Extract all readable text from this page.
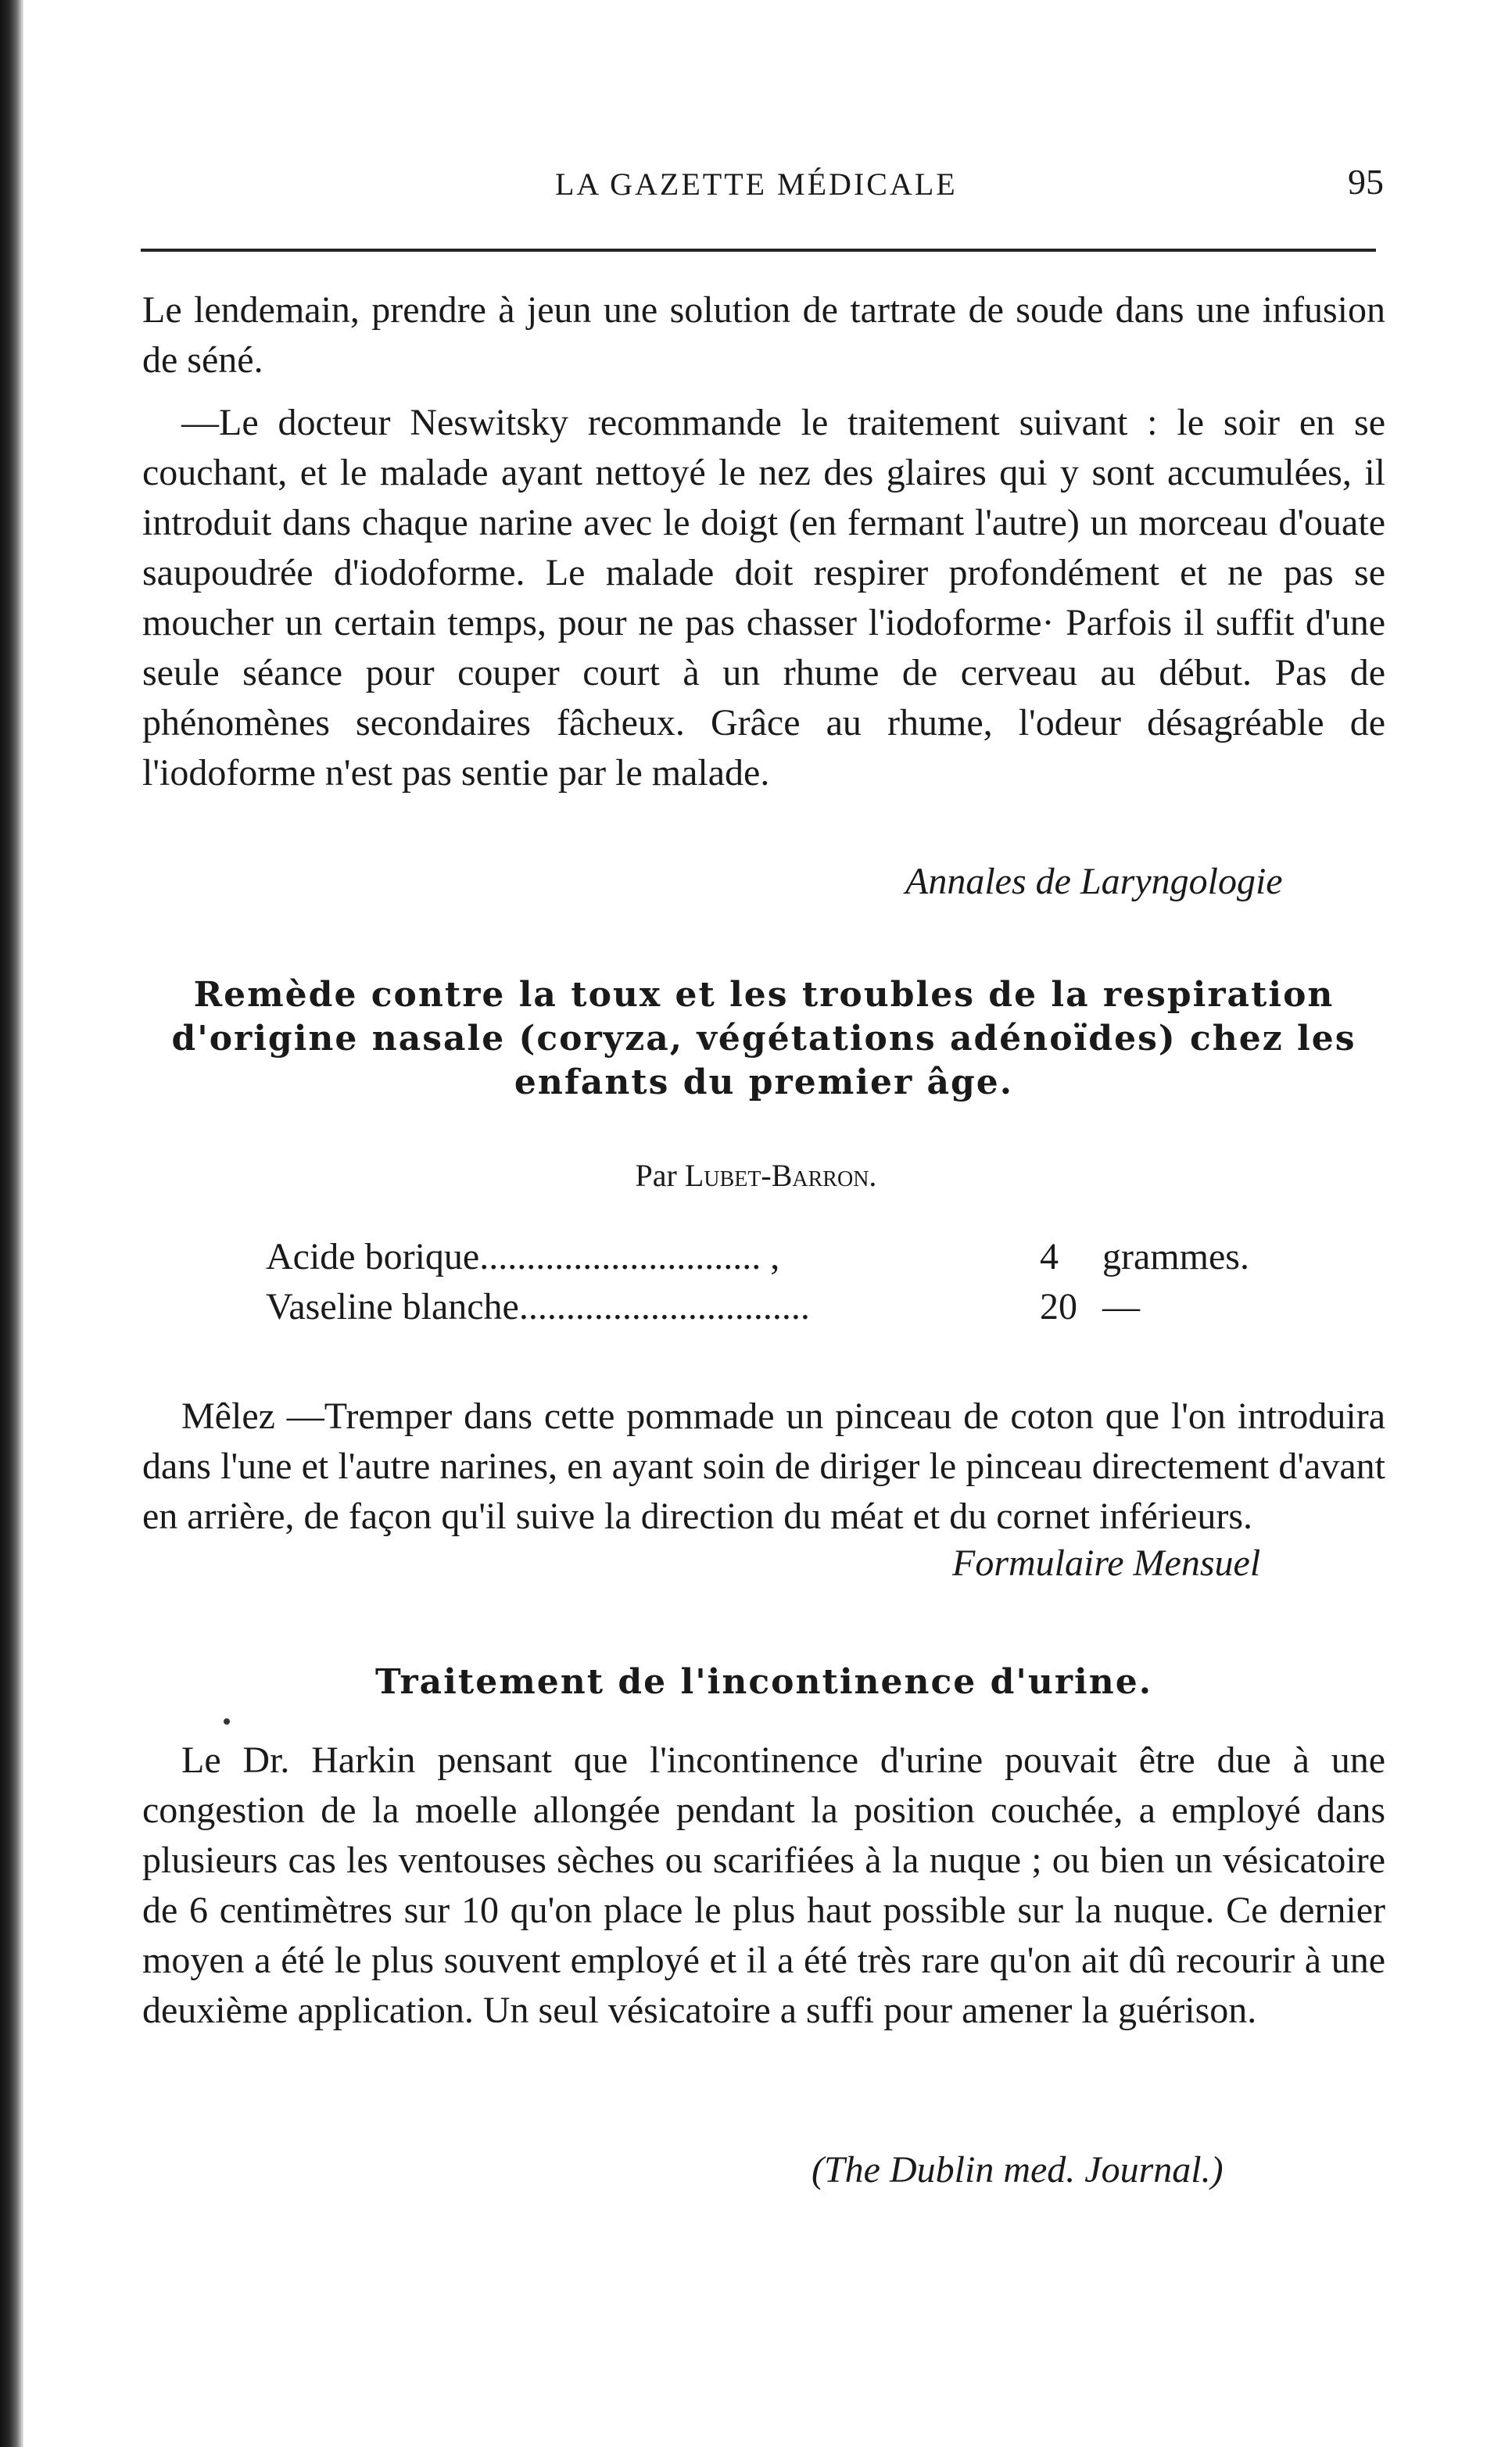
LA GAZETTE MÉDICALE	95

Le lendemain, prendre à jeun une solution de tartrate de soude dans une infusion de séné.

—Le docteur Neswitsky recommande le traitement suivant : le soir en se couchant, et le malade ayant nettoyé le nez des glaires qui y sont accumulées, il introduit dans chaque narine avec le doigt (en fermant l'autre) un morceau d'ouate saupoudrée d'iodoforme. Le malade doit respirer profondément et ne pas se moucher un certain temps, pour ne pas chasser l'iodoforme· Parfois il suffit d'une seule séance pour couper court à un rhume de cerveau au début. Pas de phénomènes secondaires fâcheux. Grâce au rhume, l'odeur désagréable de l'iodoforme n'est pas sentie par le malade.

Annales de Laryngologie

Remède contre la toux et les troubles de la respiration d'origine nasale (coryza, végétations adénoïdes) chez les enfants du premier âge.

Par Lubet-Barron.
Acide borique.............................. ,	4 grammes.
Vaseline blanche...............................	20 —

Mêlez —Tremper dans cette pommade un pinceau de coton que l'on introduira dans l'une et l'autre narines, en ayant soin de diriger le pinceau directement d'avant en arrière, de façon qu'il suive la direction du méat et du cornet inférieurs.

Formulaire Mensuel

Traitement de l'incontinence d'urine.

Le Dr. Harkin pensant que l'incontinence d'urine pouvait être due à une congestion de la moelle allongée pendant la position couchée, a employé dans plusieurs cas les ventouses sèches ou scarifiées à la nuque ; ou bien un vésicatoire de 6 centimètres sur 10 qu'on place le plus haut possible sur la nuque. Ce dernier moyen a été le plus souvent employé et il a été très rare qu'on ait dû recourir à une deuxième application. Un seul vésicatoire a suffi pour amener la guérison.

(The Dublin med. Journal.)
